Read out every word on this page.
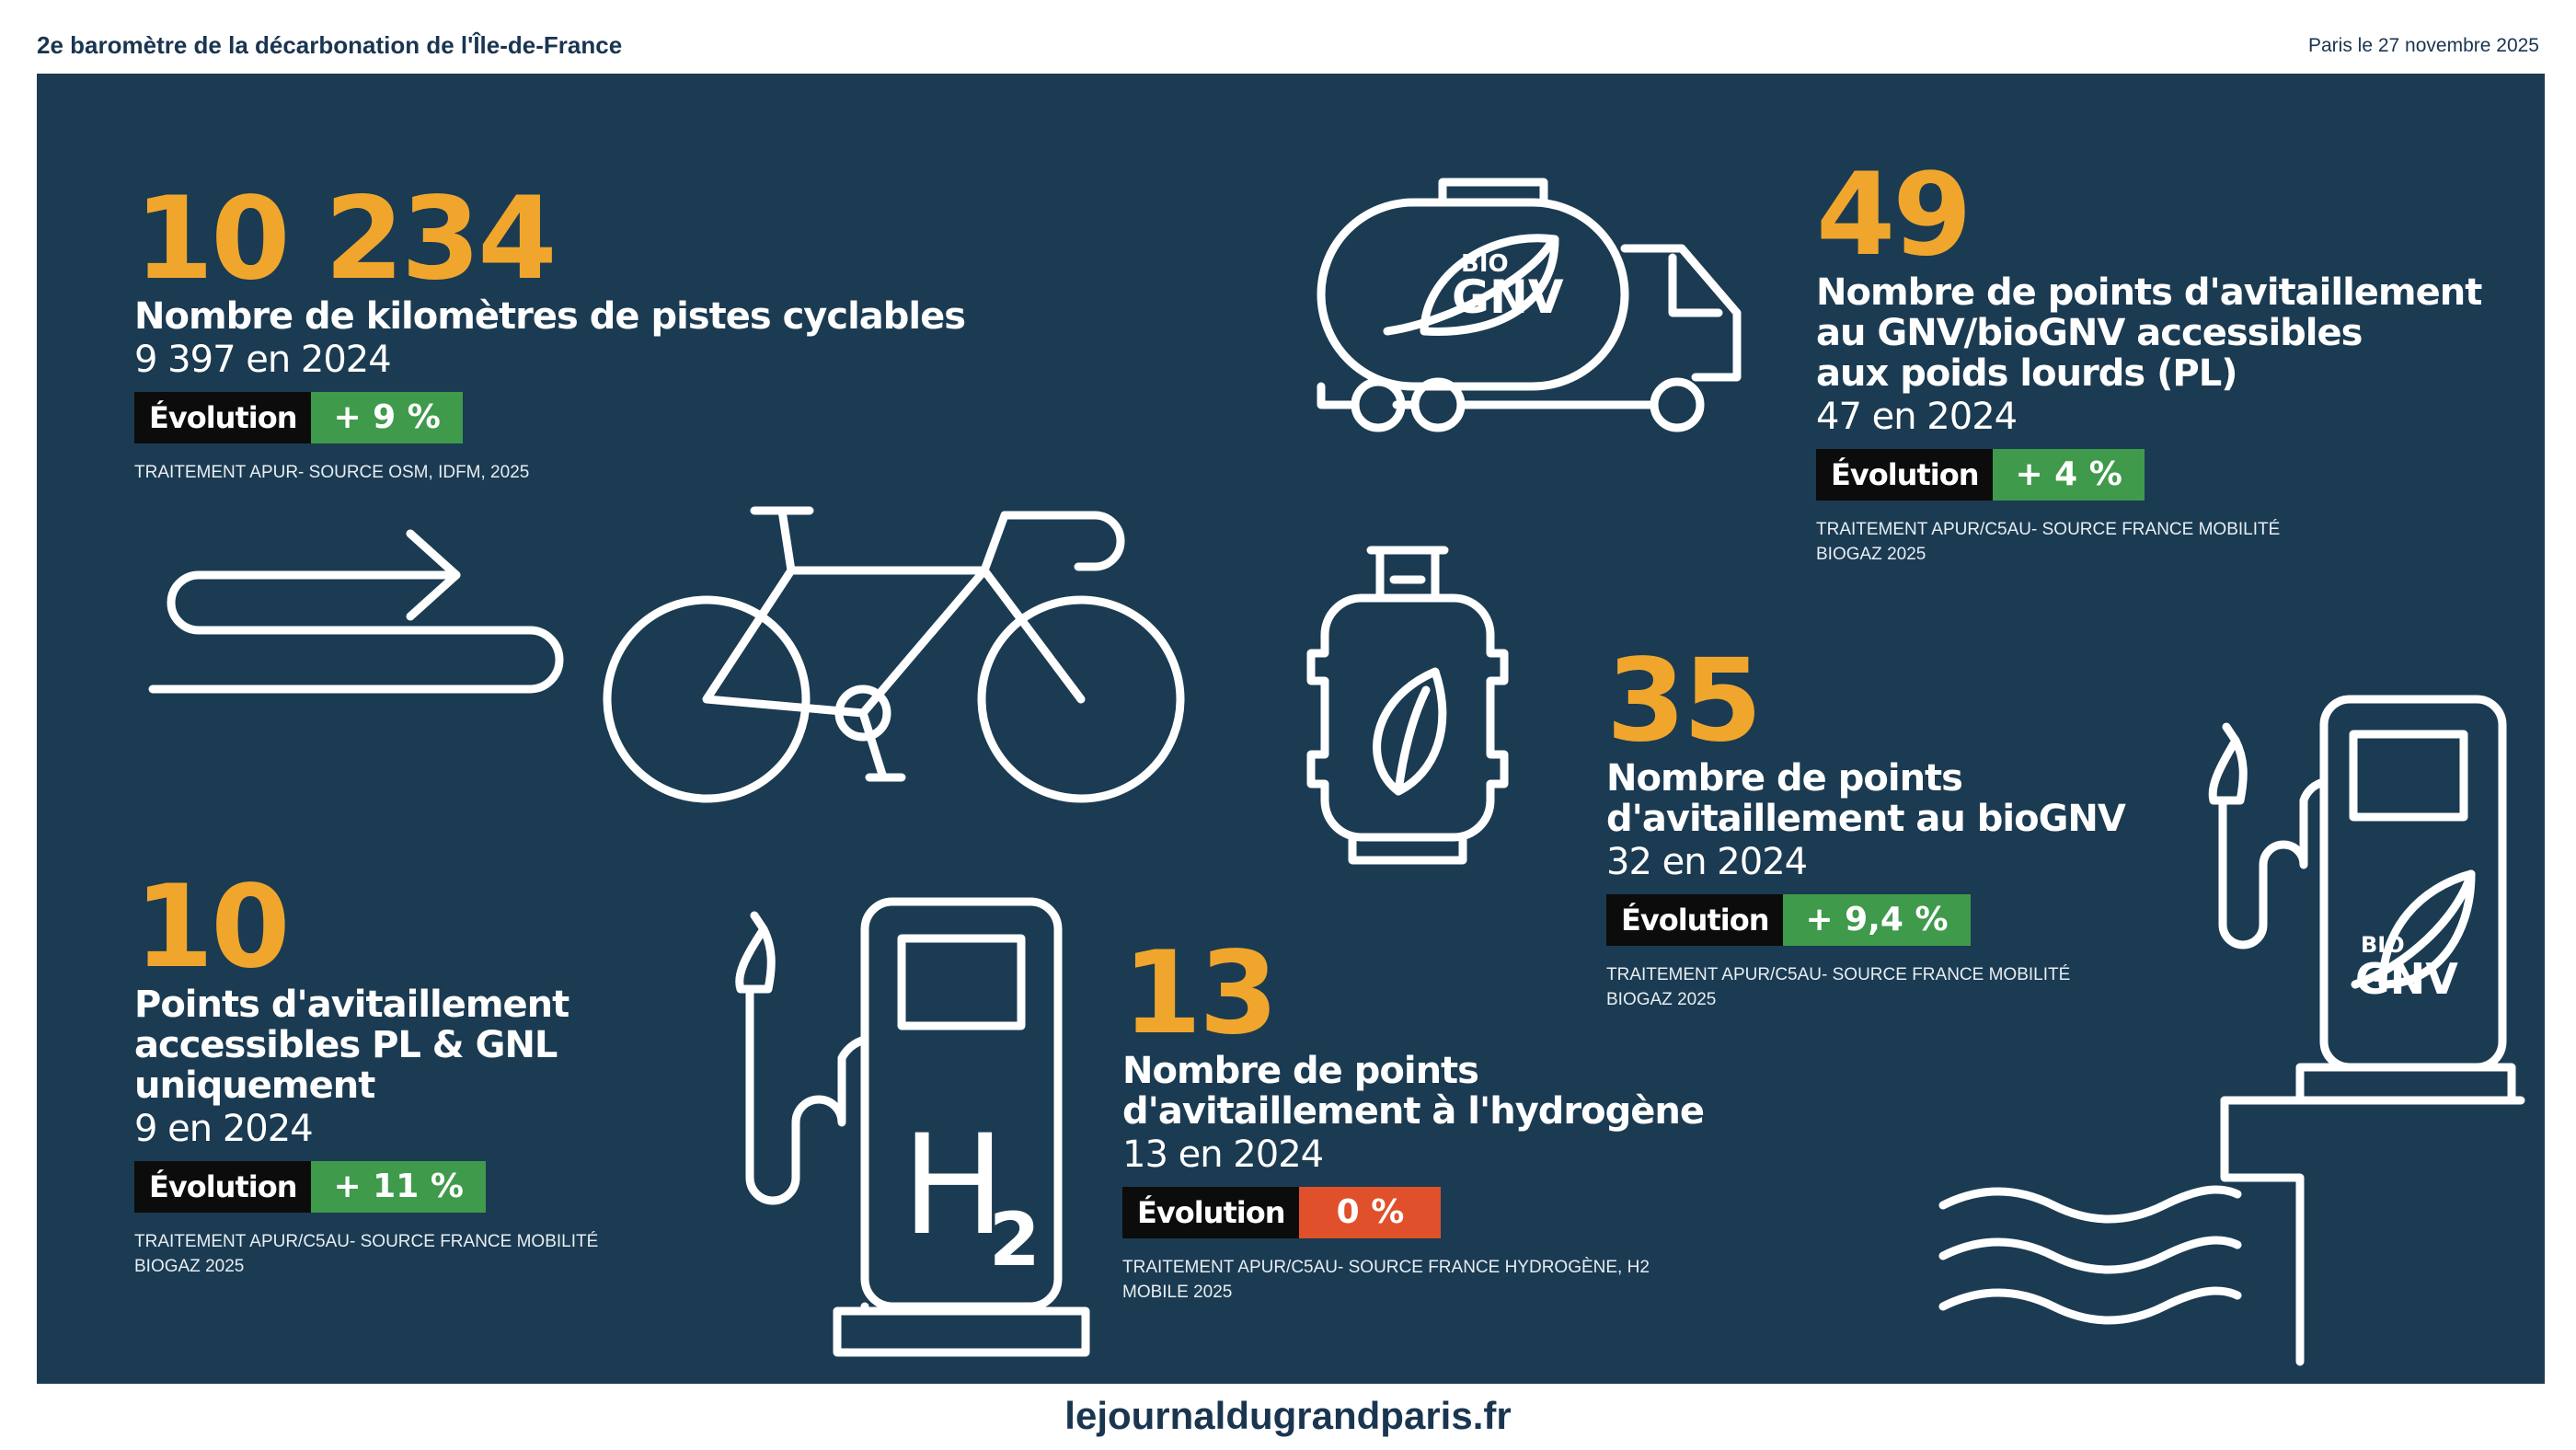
2e baromètre de la décarbonation de l'Île-de-France	Paris le 27 novembre 2025
10 234
Nombre de kilomètres de pistes cyclables
9 397 en 2024
Évolution	+ 9 %
TRAITEMENT APUR- SOURCE OSM, IDFM, 2025
49
Nombre de points d'avitaillement
au GNV/bioGNV accessibles
aux poids lourds (PL)
47 en 2024
Évolution	+ 4 %
TRAITEMENT APUR/C5AU- SOURCE FRANCE MOBILITÉ
BIOGAZ 2025
35
Nombre de points
d'avitaillement au bioGNV
32 en 2024
Évolution	+ 9,4 %
TRAITEMENT APUR/C5AU- SOURCE FRANCE MOBILITÉ
BIOGAZ 2025
10
Points d'avitaillement
accessibles PL & GNL
uniquement
9 en 2024
Évolution	+ 11 %
TRAITEMENT APUR/C5AU- SOURCE FRANCE MOBILITÉ
BIOGAZ 2025
13
Nombre de points
d'avitaillement à l'hydrogène
13 en 2024
Évolution	0 %
TRAITEMENT APUR/C5AU- SOURCE FRANCE HYDROGÈNE, H2
MOBILE 2025
BIO
GNV
H
2
BIO
GNV
lejournaldugrandparis.fr
